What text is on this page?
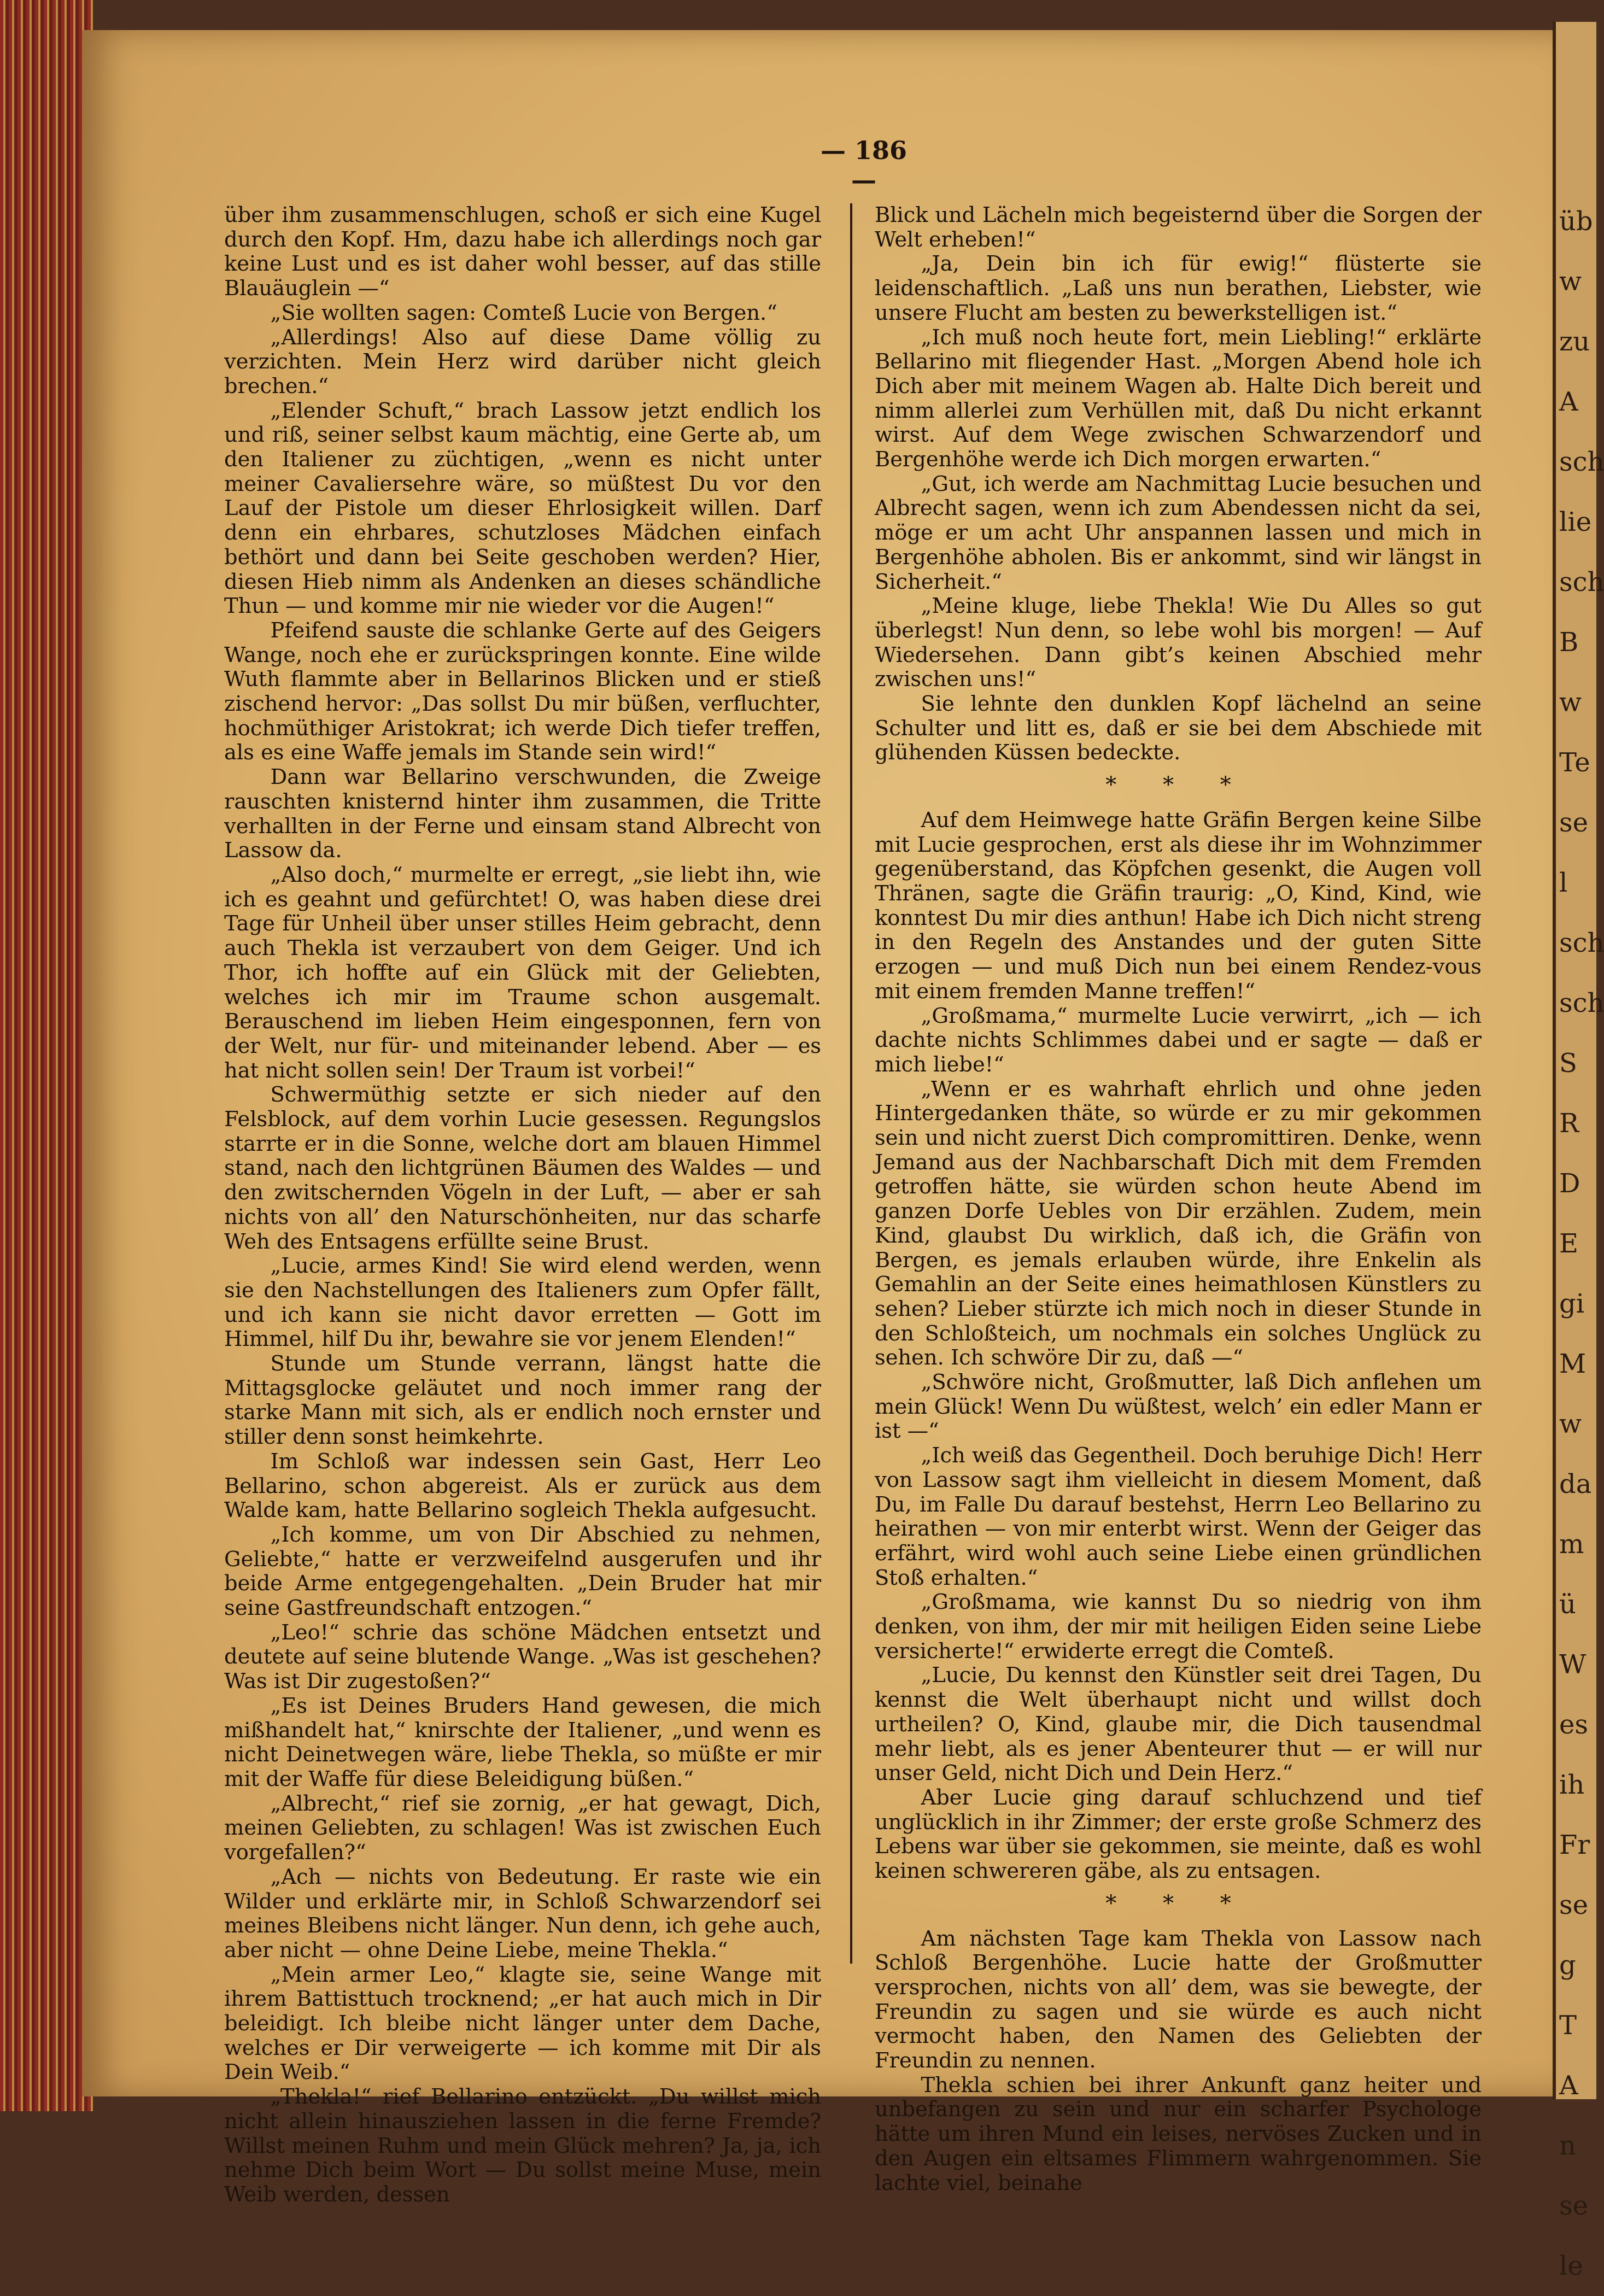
üb
w
zu
A
sch
lie
sch
B
w
Te
se
l
sch
sch
S
R
D
E
gi
M
w
da
m
ü
W
es
ih
Fr
se
g
T
A
n
se
le
— 186 —

über ihm zusammenschlugen, schoß er sich eine Kugel durch den Kopf. Hm, dazu habe ich allerdings noch gar keine Lust und es ist daher wohl besser, auf das stille Blauäuglein —“

„Sie wollten sagen: Comteß Lucie von Bergen.“

„Allerdings! Also auf diese Dame völlig zu verzichten. Mein Herz wird darüber nicht gleich brechen.“

„Elender Schuft,“ brach Lassow jetzt endlich los und riß, seiner selbst kaum mächtig, eine Gerte ab, um den Italiener zu züchtigen, „wenn es nicht unter meiner Cavaliersehre wäre, so müßtest Du vor den Lauf der Pistole um dieser Ehrlosigkeit willen. Darf denn ein ehrbares, schutzloses Mädchen einfach bethört und dann bei Seite geschoben werden? Hier, diesen Hieb nimm als Andenken an dieses schändliche Thun — und komme mir nie wieder vor die Augen!“

Pfeifend sauste die schlanke Gerte auf des Geigers Wange, noch ehe er zurückspringen konnte. Eine wilde Wuth flammte aber in Bellarinos Blicken und er stieß zischend hervor: „Das sollst Du mir büßen, verfluchter, hochmüthiger Aristokrat; ich werde Dich tiefer treffen, als es eine Waffe jemals im Stande sein wird!“

Dann war Bellarino verschwunden, die Zweige rauschten knisternd hinter ihm zusammen, die Tritte verhallten in der Ferne und einsam stand Albrecht von Lassow da.

„Also doch,“ murmelte er erregt, „sie liebt ihn, wie ich es geahnt und gefürchtet! O, was haben diese drei Tage für Unheil über unser stilles Heim gebracht, denn auch Thekla ist verzaubert von dem Geiger. Und ich Thor, ich hoffte auf ein Glück mit der Geliebten, welches ich mir im Traume schon ausgemalt. Berauschend im lieben Heim eingesponnen, fern von der Welt, nur für- und miteinander lebend. Aber — es hat nicht sollen sein! Der Traum ist vorbei!“

Schwermüthig setzte er sich nieder auf den Felsblock, auf dem vorhin Lucie gesessen. Regungslos starrte er in die Sonne, welche dort am blauen Himmel stand, nach den lichtgrünen Bäumen des Waldes — und den zwitschernden Vögeln in der Luft, — aber er sah nichts von all’ den Naturschönheiten, nur das scharfe Weh des Entsagens erfüllte seine Brust.

„Lucie, armes Kind! Sie wird elend werden, wenn sie den Nachstellungen des Italieners zum Opfer fällt, und ich kann sie nicht davor erretten — Gott im Himmel, hilf Du ihr, bewahre sie vor jenem Elenden!“

Stunde um Stunde verrann, längst hatte die Mittagsglocke geläutet und noch immer rang der starke Mann mit sich, als er endlich noch ernster und stiller denn sonst heimkehrte.

Im Schloß war indessen sein Gast, Herr Leo Bellarino, schon abgereist. Als er zurück aus dem Walde kam, hatte Bellarino sogleich Thekla aufgesucht.

„Ich komme, um von Dir Abschied zu nehmen, Geliebte,“ hatte er verzweifelnd ausgerufen und ihr beide Arme entgegengehalten. „Dein Bruder hat mir seine Gastfreundschaft entzogen.“

„Leo!“ schrie das schöne Mädchen entsetzt und deutete auf seine blutende Wange. „Was ist geschehen? Was ist Dir zugestoßen?“

„Es ist Deines Bruders Hand gewesen, die mich mißhandelt hat,“ knirschte der Italiener, „und wenn es nicht Deinetwegen wäre, liebe Thekla, so müßte er mir mit der Waffe für diese Beleidigung büßen.“

„Albrecht,“ rief sie zornig, „er hat gewagt, Dich, meinen Geliebten, zu schlagen! Was ist zwischen Euch vorgefallen?“

„Ach — nichts von Bedeutung. Er raste wie ein Wilder und erklärte mir, in Schloß Schwarzendorf sei meines Bleibens nicht länger. Nun denn, ich gehe auch, aber nicht — ohne Deine Liebe, meine Thekla.“

„Mein armer Leo,“ klagte sie, seine Wange mit ihrem Battisttuch trocknend; „er hat auch mich in Dir beleidigt. Ich bleibe nicht länger unter dem Dache, welches er Dir verweigerte — ich komme mit Dir als Dein Weib.“

„Thekla!“ rief Bellarino entzückt. „Du willst mich nicht allein hinausziehen lassen in die ferne Fremde? Willst meinen Ruhm und mein Glück mehren? Ja, ja, ich nehme Dich beim Wort — Du sollst meine Muse, mein Weib werden, dessen

Blick und Lächeln mich begeisternd über die Sorgen der Welt erheben!“

„Ja, Dein bin ich für ewig!“ flüsterte sie leidenschaftlich. „Laß uns nun berathen, Liebster, wie unsere Flucht am besten zu bewerkstelligen ist.“

„Ich muß noch heute fort, mein Liebling!“ erklärte Bellarino mit fliegender Hast. „Morgen Abend hole ich Dich aber mit meinem Wagen ab. Halte Dich bereit und nimm allerlei zum Verhüllen mit, daß Du nicht erkannt wirst. Auf dem Wege zwischen Schwarzendorf und Bergenhöhe werde ich Dich morgen erwarten.“

„Gut, ich werde am Nachmittag Lucie besuchen und Albrecht sagen, wenn ich zum Abendessen nicht da sei, möge er um acht Uhr anspannen lassen und mich in Bergenhöhe abholen. Bis er ankommt, sind wir längst in Sicherheit.“

„Meine kluge, liebe Thekla! Wie Du Alles so gut überlegst! Nun denn, so lebe wohl bis morgen! — Auf Wiedersehen. Dann gibt’s keinen Abschied mehr zwischen uns!“

Sie lehnte den dunklen Kopf lächelnd an seine Schulter und litt es, daß er sie bei dem Abschiede mit glühenden Küssen bedeckte.

* * *

Auf dem Heimwege hatte Gräfin Bergen keine Silbe mit Lucie gesprochen, erst als diese ihr im Wohnzimmer gegenüberstand, das Köpfchen gesenkt, die Augen voll Thränen, sagte die Gräfin traurig: „O, Kind, Kind, wie konntest Du mir dies anthun! Habe ich Dich nicht streng in den Regeln des Anstandes und der guten Sitte erzogen — und muß Dich nun bei einem Rendez-vous mit einem fremden Manne treffen!“

„Großmama,“ murmelte Lucie verwirrt, „ich — ich dachte nichts Schlimmes dabei und er sagte — daß er mich liebe!“

„Wenn er es wahrhaft ehrlich und ohne jeden Hintergedanken thäte, so würde er zu mir gekommen sein und nicht zuerst Dich compromittiren. Denke, wenn Jemand aus der Nachbarschaft Dich mit dem Fremden getroffen hätte, sie würden schon heute Abend im ganzen Dorfe Uebles von Dir erzählen. Zudem, mein Kind, glaubst Du wirklich, daß ich, die Gräfin von Bergen, es jemals erlauben würde, ihre Enkelin als Gemahlin an der Seite eines heimathlosen Künstlers zu sehen? Lieber stürzte ich mich noch in dieser Stunde in den Schloßteich, um nochmals ein solches Unglück zu sehen. Ich schwöre Dir zu, daß —“

„Schwöre nicht, Großmutter, laß Dich anflehen um mein Glück! Wenn Du wüßtest, welch’ ein edler Mann er ist —“

„Ich weiß das Gegentheil. Doch beruhige Dich! Herr von Lassow sagt ihm vielleicht in diesem Moment, daß Du, im Falle Du darauf bestehst, Herrn Leo Bellarino zu heirathen — von mir enterbt wirst. Wenn der Geiger das erfährt, wird wohl auch seine Liebe einen gründlichen Stoß erhalten.“

„Großmama, wie kannst Du so niedrig von ihm denken, von ihm, der mir mit heiligen Eiden seine Liebe versicherte!“ erwiderte erregt die Comteß.

„Lucie, Du kennst den Künstler seit drei Tagen, Du kennst die Welt überhaupt nicht und willst doch urtheilen? O, Kind, glaube mir, die Dich tausendmal mehr liebt, als es jener Abenteurer thut — er will nur unser Geld, nicht Dich und Dein Herz.“

Aber Lucie ging darauf schluchzend und tief unglücklich in ihr Zimmer; der erste große Schmerz des Lebens war über sie gekommen, sie meinte, daß es wohl keinen schwereren gäbe, als zu entsagen.

* * *

Am nächsten Tage kam Thekla von Lassow nach Schloß Bergenhöhe. Lucie hatte der Großmutter versprochen, nichts von all’ dem, was sie bewegte, der Freundin zu sagen und sie würde es auch nicht vermocht haben, den Namen des Geliebten der Freundin zu nennen.

Thekla schien bei ihrer Ankunft ganz heiter und unbefangen zu sein und nur ein scharfer Psychologe hätte um ihren Mund ein leises, nervöses Zucken und in den Augen ein eltsames Flimmern wahrgenommen. Sie lachte viel, beinahe
